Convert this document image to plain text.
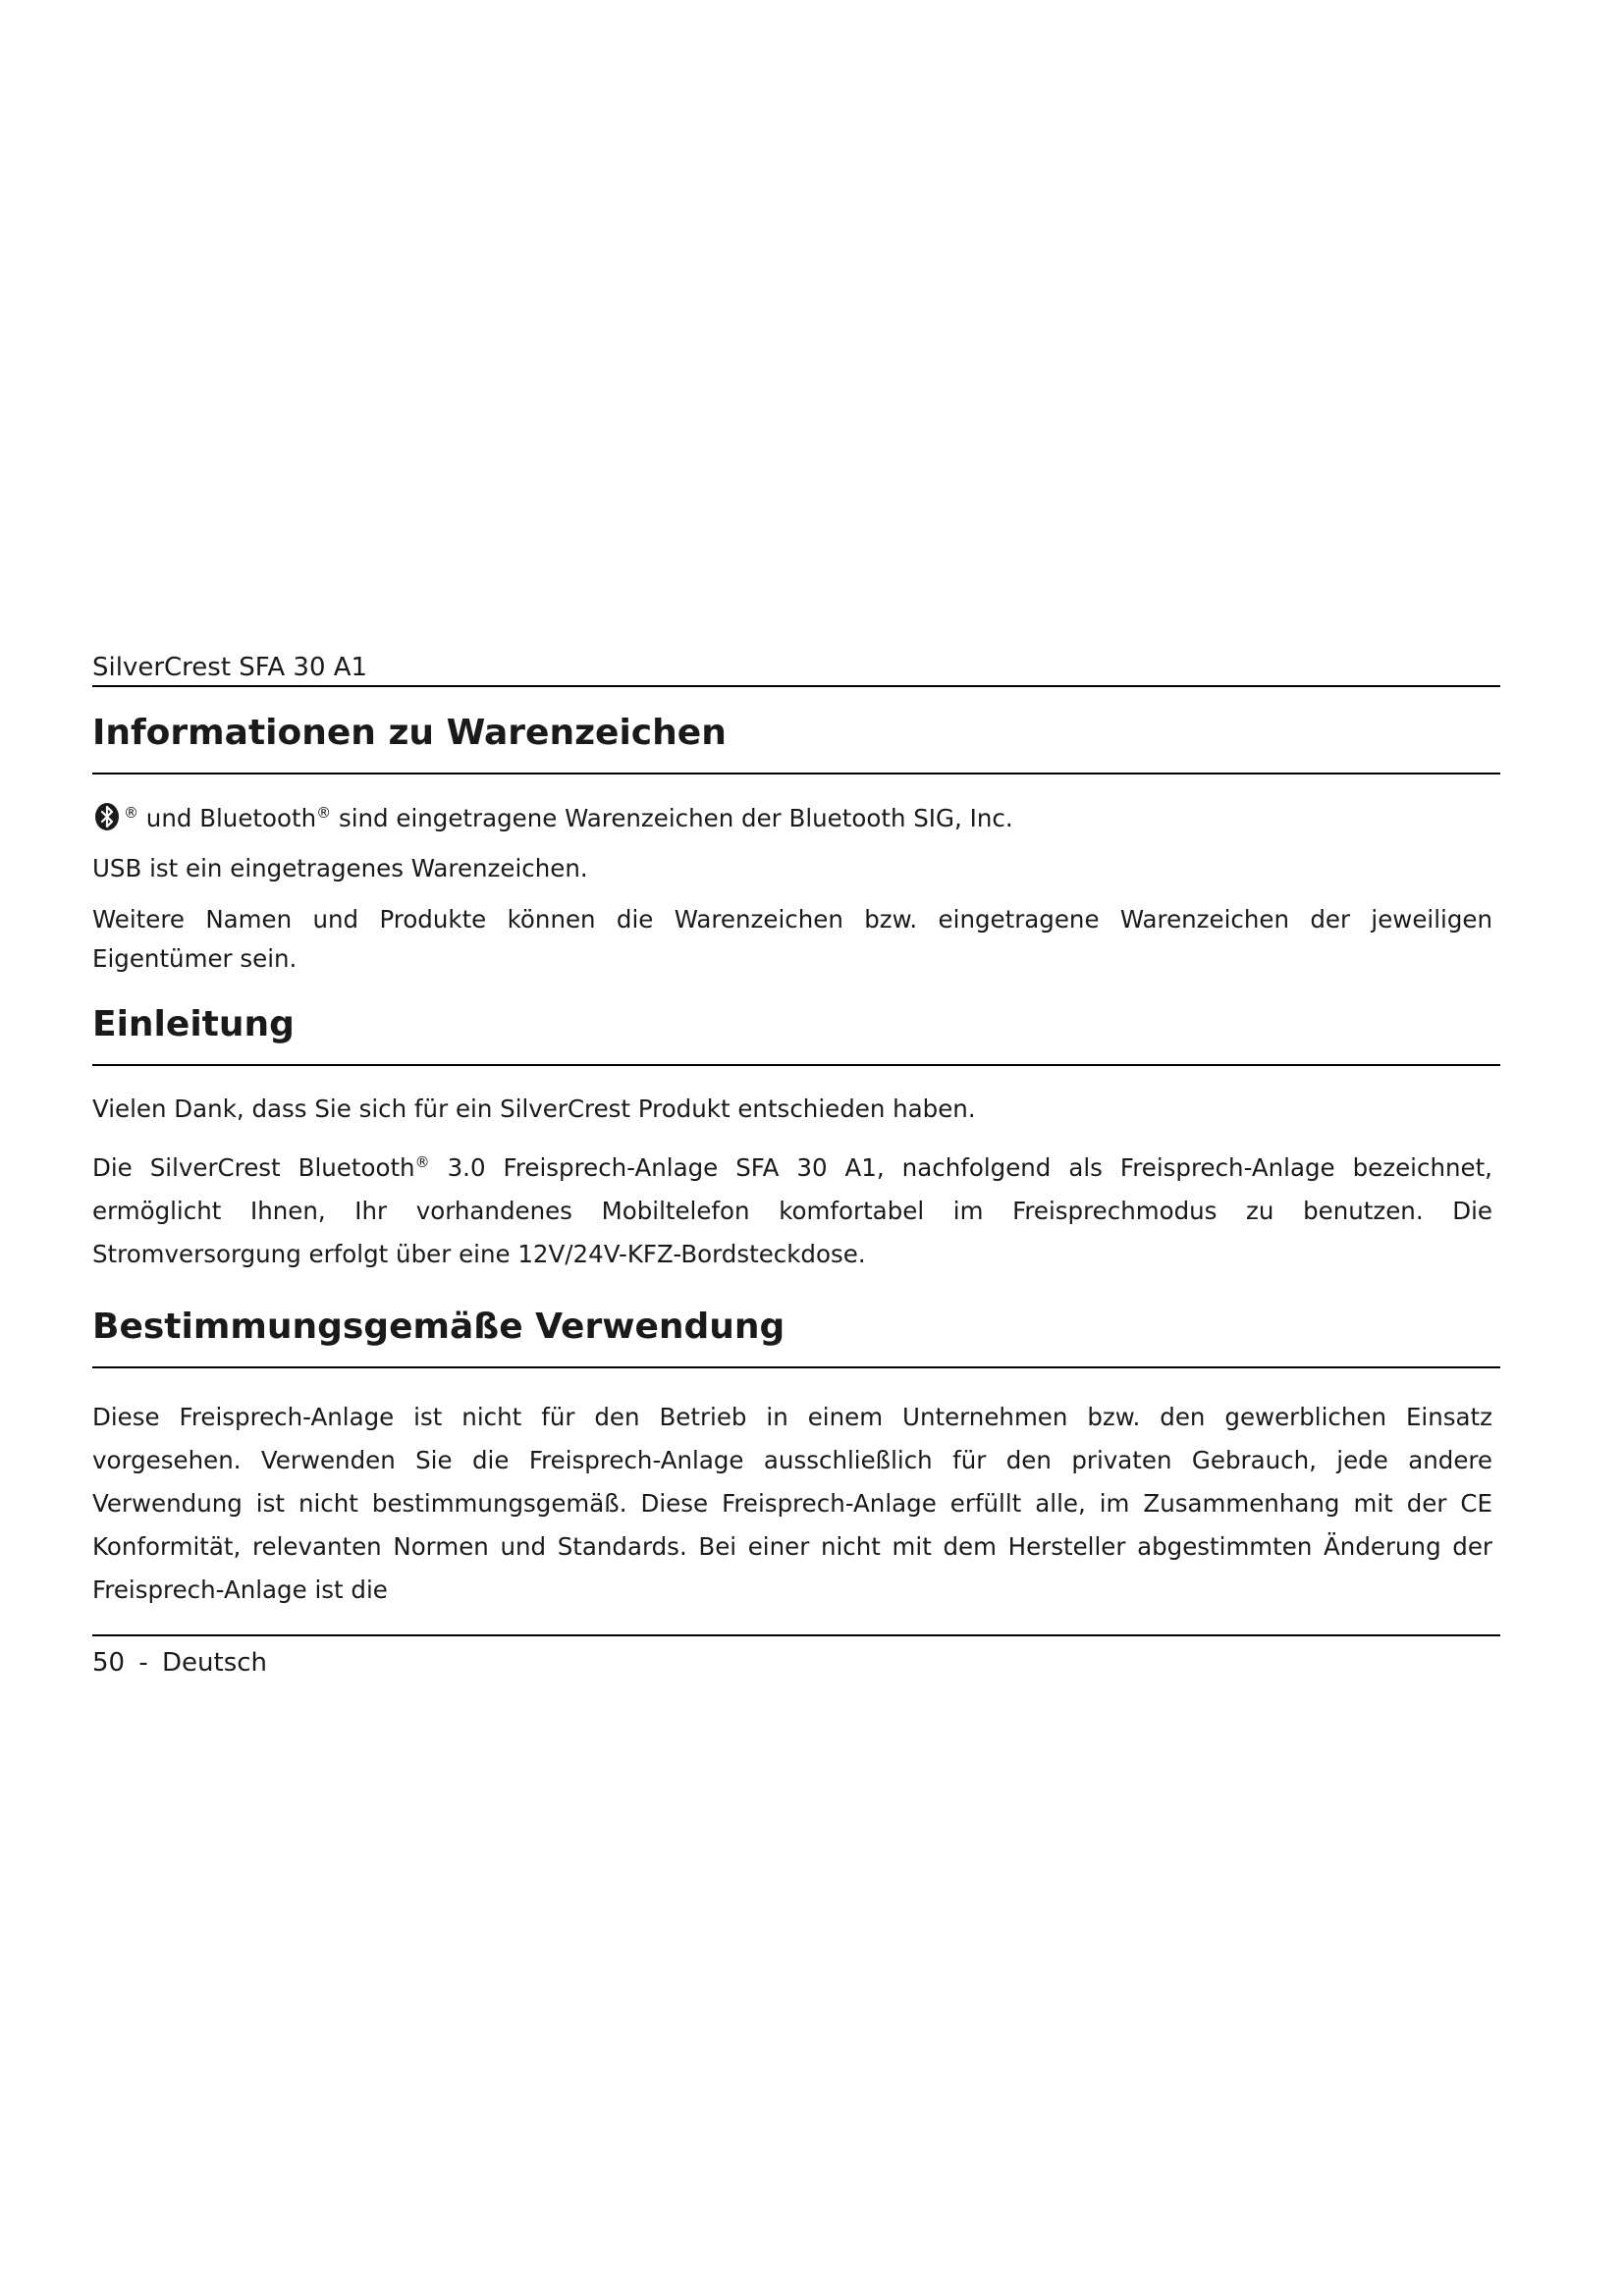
SilverCrest SFA 30 A1
Informationen zu Warenzeichen

® und Bluetooth® sind eingetragene Warenzeichen der Bluetooth SIG, Inc.

USB ist ein eingetragenes Warenzeichen.

Weitere Namen und Produkte können die Warenzeichen bzw. eingetragene Warenzeichen der jeweiligen Eigentümer sein.

Einleitung

Vielen Dank, dass Sie sich für ein SilverCrest Produkt entschieden haben.

Die SilverCrest Bluetooth® 3.0 Freisprech-Anlage SFA 30 A1, nachfolgend als Freisprech-Anlage bezeichnet, ermöglicht Ihnen, Ihr vorhandenes Mobiltelefon komfortabel im Freisprechmodus zu benutzen. Die Stromversorgung erfolgt über eine 12V/24V-KFZ-Bordsteckdose.

Bestimmungsgemäße Verwendung

Diese Freisprech-Anlage ist nicht für den Betrieb in einem Unternehmen bzw. den gewerblichen Einsatz vorgesehen. Verwenden Sie die Freisprech-Anlage ausschließlich für den privaten Gebrauch, jede andere Verwendung ist nicht bestimmungsgemäß. Diese Freisprech-Anlage erfüllt alle, im Zusammenhang mit der CE Konformität, relevanten Normen und Standards. Bei einer nicht mit dem Hersteller abgestimmten Änderung der Freisprech-Anlage ist die

50 - Deutsch
